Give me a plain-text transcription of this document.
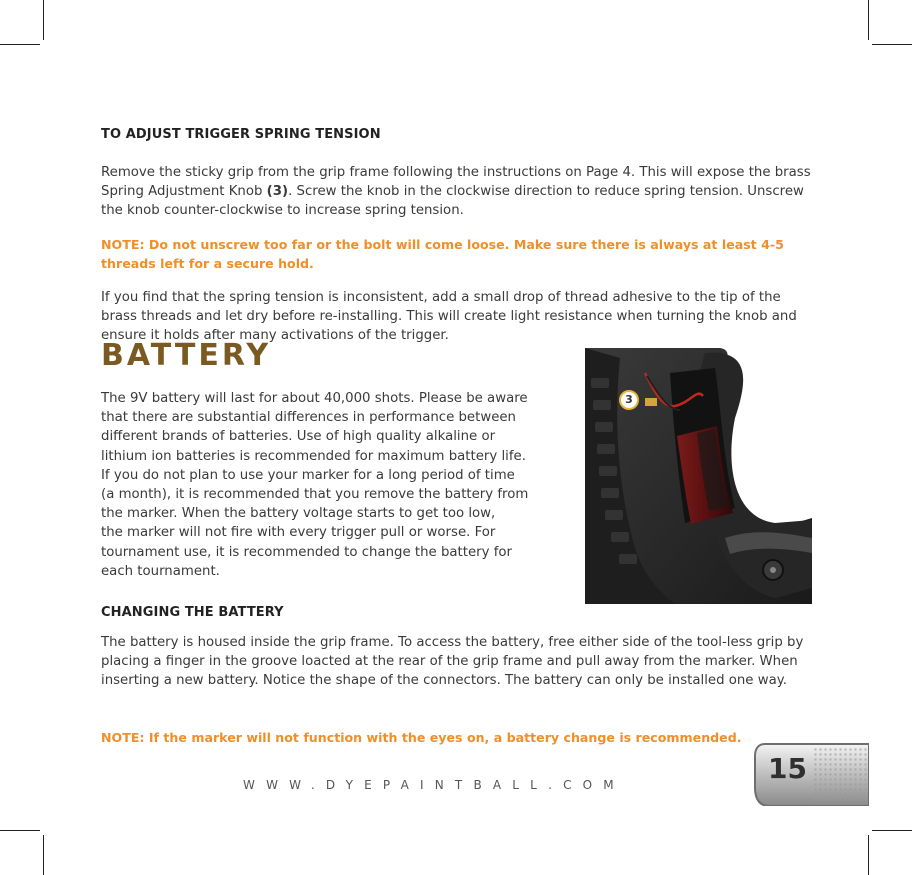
TO ADJUST TRIGGER SPRING TENSION

Remove the sticky grip from the grip frame following the instructions on Page 4. This will expose the brass Spring Adjustment Knob (3). Screw the knob in the clockwise direction to reduce spring tension. Unscrew the knob counter-clockwise to increase spring tension.

NOTE: Do not unscrew too far or the bolt will come loose. Make sure there is always at least 4-5 threads left for a secure hold.

If you find that the spring tension is inconsistent, add a small drop of thread adhesive to the tip of the brass threads and let dry before re-installing. This will create light resistance when turning the knob and ensure it holds after many activations of the trigger.

BATTERY
The 9V battery will last for about 40,000 shots. Please be aware
that there are substantial differences in performance between
different brands of batteries. Use of high quality alkaline or
lithium ion batteries is recommended for maximum battery life.
If you do not plan to use your marker for a long period of time
(a month), it is recommended that you remove the battery from
the marker. When the battery voltage starts to get too low,
the marker will not fire with every trigger pull or worse. For
tournament use, it is recommended to change the battery for
each tournament.
3
CHANGING THE BATTERY

The battery is housed inside the grip frame. To access the battery, free either side of the tool-less grip by placing a finger in the groove loacted at the rear of the grip frame and pull away from the marker. When inserting a new battery. Notice the shape of the connectors. The battery can only be installed one way.

NOTE: If the marker will not function with the eyes on, a battery change is recommended.

WWW.DYEPAINTBALL.COM	15
